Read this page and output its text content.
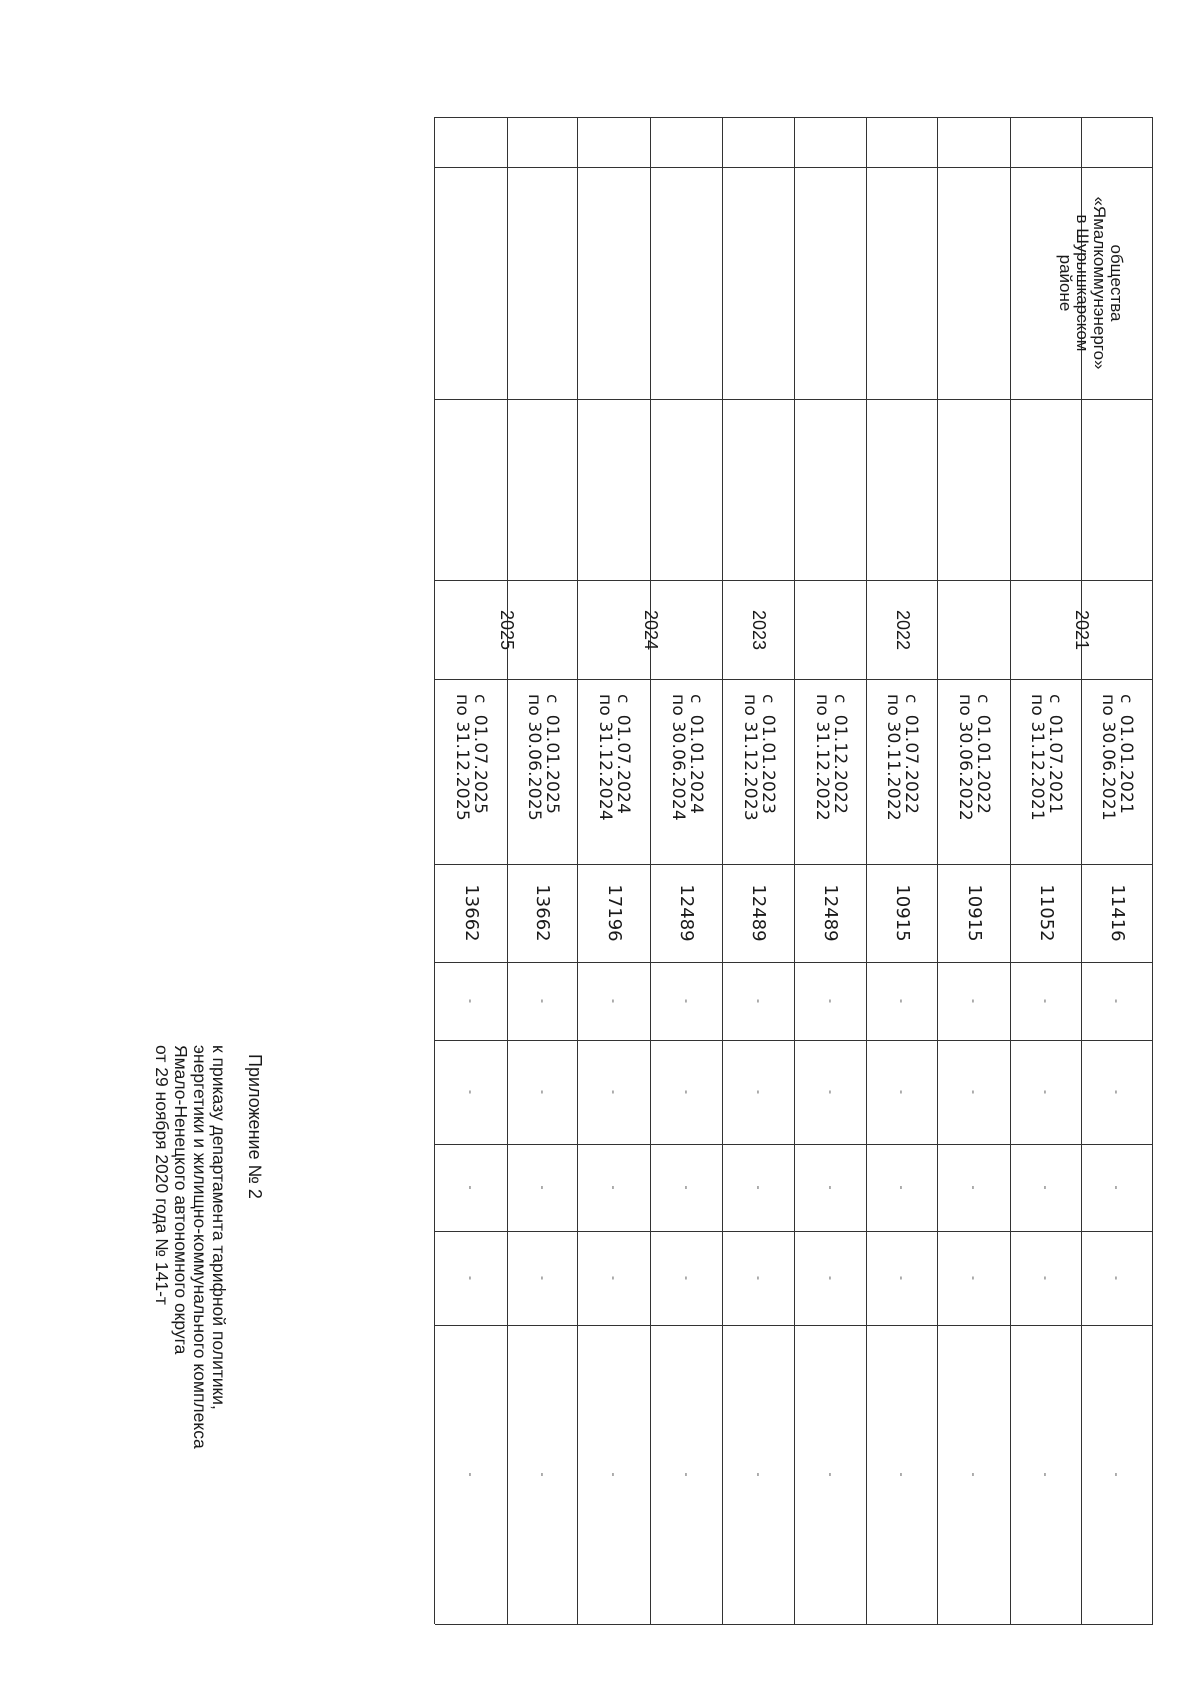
Приложение № 2
к приказу департамента тарифной политики,
энергетики и жилищно-коммунального комплекса
Ямало-Ненецкого автономного округа
от 29 ноября 2020 года № 141-т
общества
«Ямалкоммунэнерго»
в Шурышкарском
районе
2021
2022
2023
2024
2025
с  01.01.2021
по 30.06.2021
11416
-
-
-
-
-
с  01.07.2021
по 31.12.2021
11052
-
-
-
-
-
с  01.01.2022
по 30.06.2022
10915
-
-
-
-
-
с  01.07.2022
по 30.11.2022
10915
-
-
-
-
-
с  01.12.2022
по 31.12.2022
12489
-
-
-
-
-
с  01.01.2023
по 31.12.2023
12489
-
-
-
-
-
с  01.01.2024
по 30.06.2024
12489
-
-
-
-
-
с  01.07.2024
по 31.12.2024
17196
-
-
-
-
-
с  01.01.2025
по 30.06.2025
13662
-
-
-
-
-
с  01.07.2025
по 31.12.2025
13662
-
-
-
-
-
